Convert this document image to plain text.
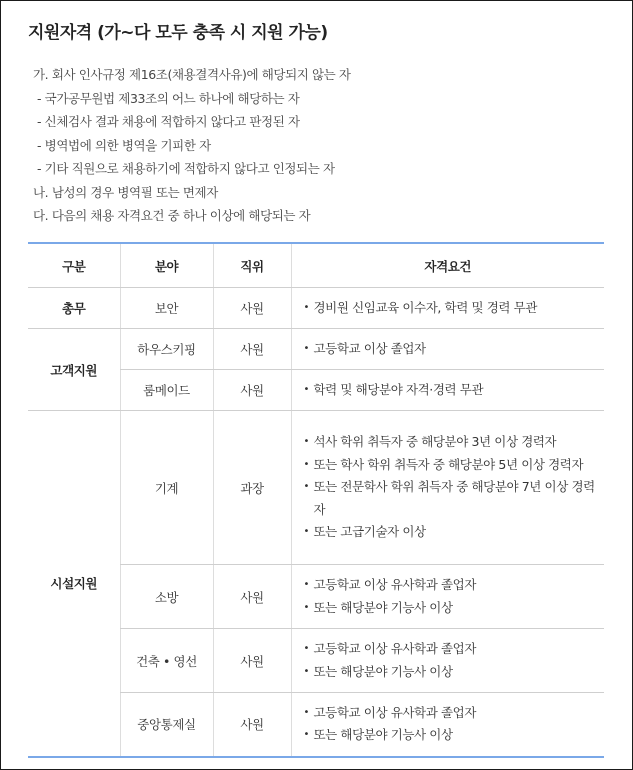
지원자격 (가~다 모두 충족 시 지원 가능)
가. 회사 인사규정 제16조(채용결격사유)에 해당되지 않는 자
- 국가공무원법 제33조의 어느 하나에 해당하는 자
- 신체검사 결과 채용에 적합하지 않다고 판정된 자
- 병역법에 의한 병역을 기피한 자
- 기타 직원으로 채용하기에 적합하지 않다고 인정되는 자
나. 남성의 경우 병역필 또는 면제자
다. 다음의 채용 자격요건 중 하나 이상에 해당되는 자
구분	분야	직위	자격요건
총무	보안	사원	• 경비원 신임교육 이수자, 학력 및 경력 무관

고객지원	하우스키핑	사원	• 고등학교 이상 졸업자

	룸메이드	사원	• 학력 및 해당분야 자격·경력 무관

시설지원	기계	과장	• 석사 학위 취득자 중 해당분야 3년 이상 경력자
• 또는 학사 학위 취득자 중 해당분야 5년 이상 경력자
• 또는 전문학사 학위 취득자 중 해당분야 7년 이상 경력자
• 또는 고급기술자 이상

	소방	사원	• 고등학교 이상 유사학과 졸업자
• 또는 해당분야 기능사 이상

	건축 • 영선	사원	• 고등학교 이상 유사학과 졸업자
• 또는 해당분야 기능사 이상

	중앙통제실	사원	• 고등학교 이상 유사학과 졸업자
• 또는 해당분야 기능사 이상
